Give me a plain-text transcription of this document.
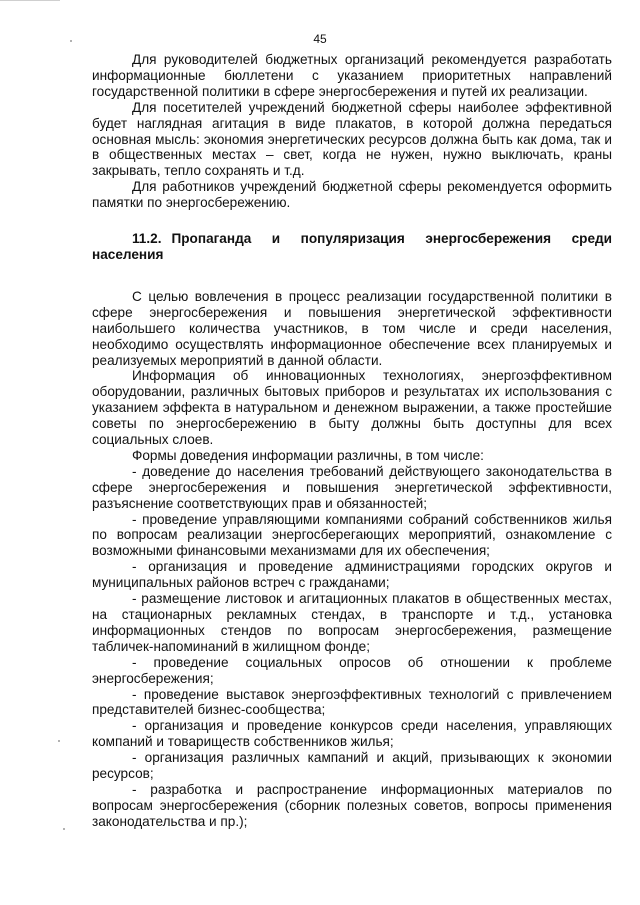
45

Для руководителей бюджетных организаций рекомендуется разработать информационные бюллетени с указанием приоритетных направлений государственной политики в сфере энергосбережения и путей их реализации.

Для посетителей учреждений бюджетной сферы наиболее эффективной будет наглядная агитация в виде плакатов, в которой должна передаться основная мысль: экономия энергетических ресурсов должна быть как дома, так и в общественных местах – свет, когда не нужен, нужно выключать, краны закрывать, тепло сохранять и т.д.

Для работников учреждений бюджетной сферы рекомендуется оформить памятки по энергосбережению.

11.2. Пропаганда и популяризация энергосбережения среди населения

С целью вовлечения в процесс реализации государственной политики в сфере энергосбережения и повышения энергетической эффективности наибольшего количества участников, в том числе и среди населения, необходимо осуществлять информационное обеспечение всех планируемых и реализуемых мероприятий в данной области.

Информация об инновационных технологиях, энергоэффективном оборудовании, различных бытовых приборов и результатах их использования с указанием эффекта в натуральном и денежном выражении, а также простейшие советы по энергосбережению в быту должны быть доступны для всех социальных слоев.

Формы доведения информации различны, в том числе:

- доведение до населения требований действующего законодательства в сфере энергосбережения и повышения энергетической эффективности, разъяснение соответствующих прав и обязанностей;

- проведение управляющими компаниями собраний собственников жилья по вопросам реализации энергосберегающих мероприятий, ознакомление с возможными финансовыми механизмами для их обеспечения;

- организация и проведение администрациями городских округов и муниципальных районов встреч с гражданами;

- размещение листовок и агитационных плакатов в общественных местах, на стационарных рекламных стендах, в транспорте и т.д., установка информационных стендов по вопросам энергосбережения, размещение табличек-напоминаний в жилищном фонде;

- проведение социальных опросов об отношении к проблеме энергосбережения;

- проведение выставок энергоэффективных технологий с привлечением представителей бизнес-сообщества;

- организация и проведение конкурсов среди населения, управляющих компаний и товариществ собственников жилья;

- организация различных кампаний и акций, призывающих к экономии ресурсов;

- разработка и распространение информационных материалов по вопросам энергосбережения (сборник полезных советов, вопросы применения законодательства и пр.);
